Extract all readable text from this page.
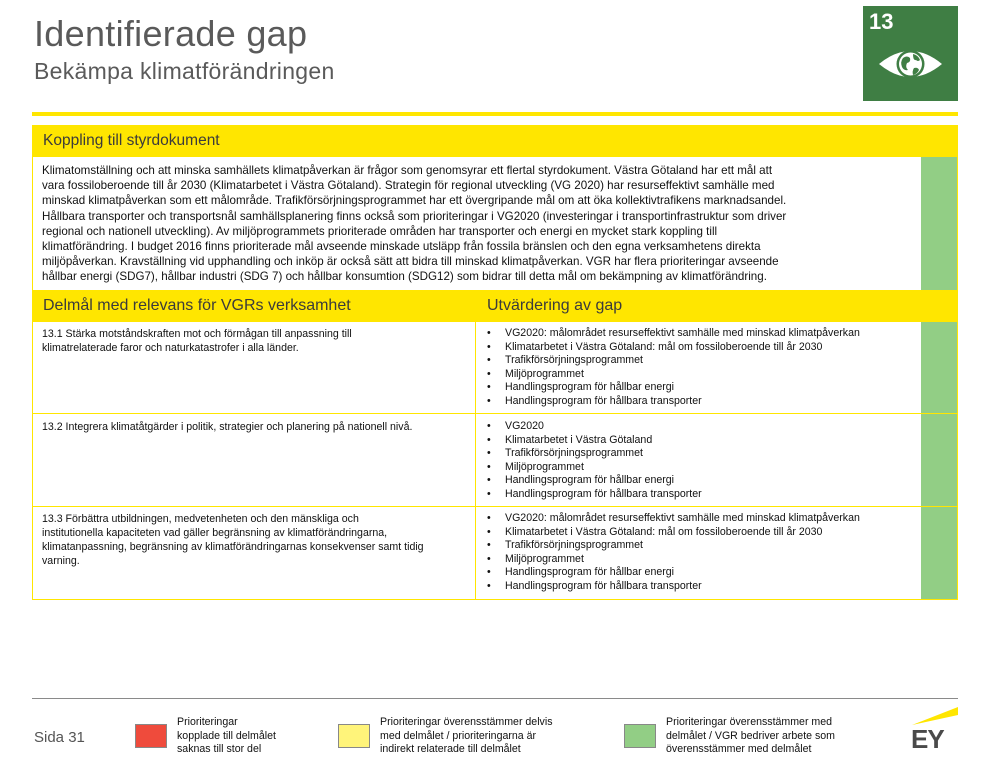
Identifierade gap
Bekämpa klimatförändringen
13
Koppling till styrdokument
Klimatomställning och att minska samhällets klimatpåverkan är frågor som genomsyrar ett flertal styrdokument. Västra Götaland har ett mål att
vara fossiloberoende till år 2030 (Klimatarbetet i Västra Götaland). Strategin för regional utveckling (VG 2020) har resurseffektivt samhälle med
minskad klimatpåverkan som ett målområde. Trafikförsörjningsprogrammet har ett övergripande mål om att öka kollektivtrafikens marknadsandel.
Hållbara transporter och transportsnål samhällsplanering finns också som prioriteringar i VG2020 (investeringar i transportinfrastruktur som driver
regional och nationell utveckling). Av miljöprogrammets prioriterade områden har transporter och energi en mycket stark koppling till
klimatförändring. I budget 2016 finns prioriterade mål avseende minskade utsläpp från fossila bränslen och den egna verksamhetens direkta
miljöpåverkan. Kravställning vid upphandling och inköp är också sätt att bidra till minskad klimatpåverkan. VGR har flera prioriteringar avseende
hållbar energi (SDG7), hållbar industri (SDG 7) och hållbar konsumtion (SDG12) som bidrar till detta mål om bekämpning av klimatförändring.
Delmål med relevans för VGRs verksamhet	Utvärdering av gap
13.1 Stärka motståndskraften mot och förmågan till anpassning till
klimatrelaterade faror och naturkatastrofer i alla länder.
• VG2020: målområdet resurseffektivt samhälle med minskad klimatpåverkan
• Klimatarbetet i Västra Götaland: mål om fossiloberoende till år 2030
• Trafikförsörjningsprogrammet
• Miljöprogrammet
• Handlingsprogram för hållbar energi
• Handlingsprogram för hållbara transporter
13.2 Integrera klimatåtgärder i politik, strategier och planering på nationell nivå.
•	VG2020
• Klimatarbetet i Västra Götaland
• Trafikförsörjningsprogrammet
• Miljöprogrammet
• Handlingsprogram för hållbar energi
• Handlingsprogram för hållbara transporter
13.3 Förbättra utbildningen, medvetenheten och den mänskliga och
institutionella kapaciteten vad gäller begränsning av klimatförändringarna,
klimatanpassning, begränsning av klimatförändringarnas konsekvenser samt tidig
varning.
• VG2020: målområdet resurseffektivt samhälle med minskad klimatpåverkan
• Klimatarbetet i Västra Götaland: mål om fossiloberoende till år 2030
• Trafikförsörjningsprogrammet
• Miljöprogrammet
• Handlingsprogram för hållbar energi
• Handlingsprogram för hållbara transporter
Sida 31
Prioriteringar
kopplade till delmålet
saknas till stor del
Prioriteringar överensstämmer delvis
med delmålet / prioriteringarna är
indirekt relaterade till delmålet
Prioriteringar överensstämmer med
delmålet / VGR bedriver arbete som
överensstämmer med delmålet	EY
